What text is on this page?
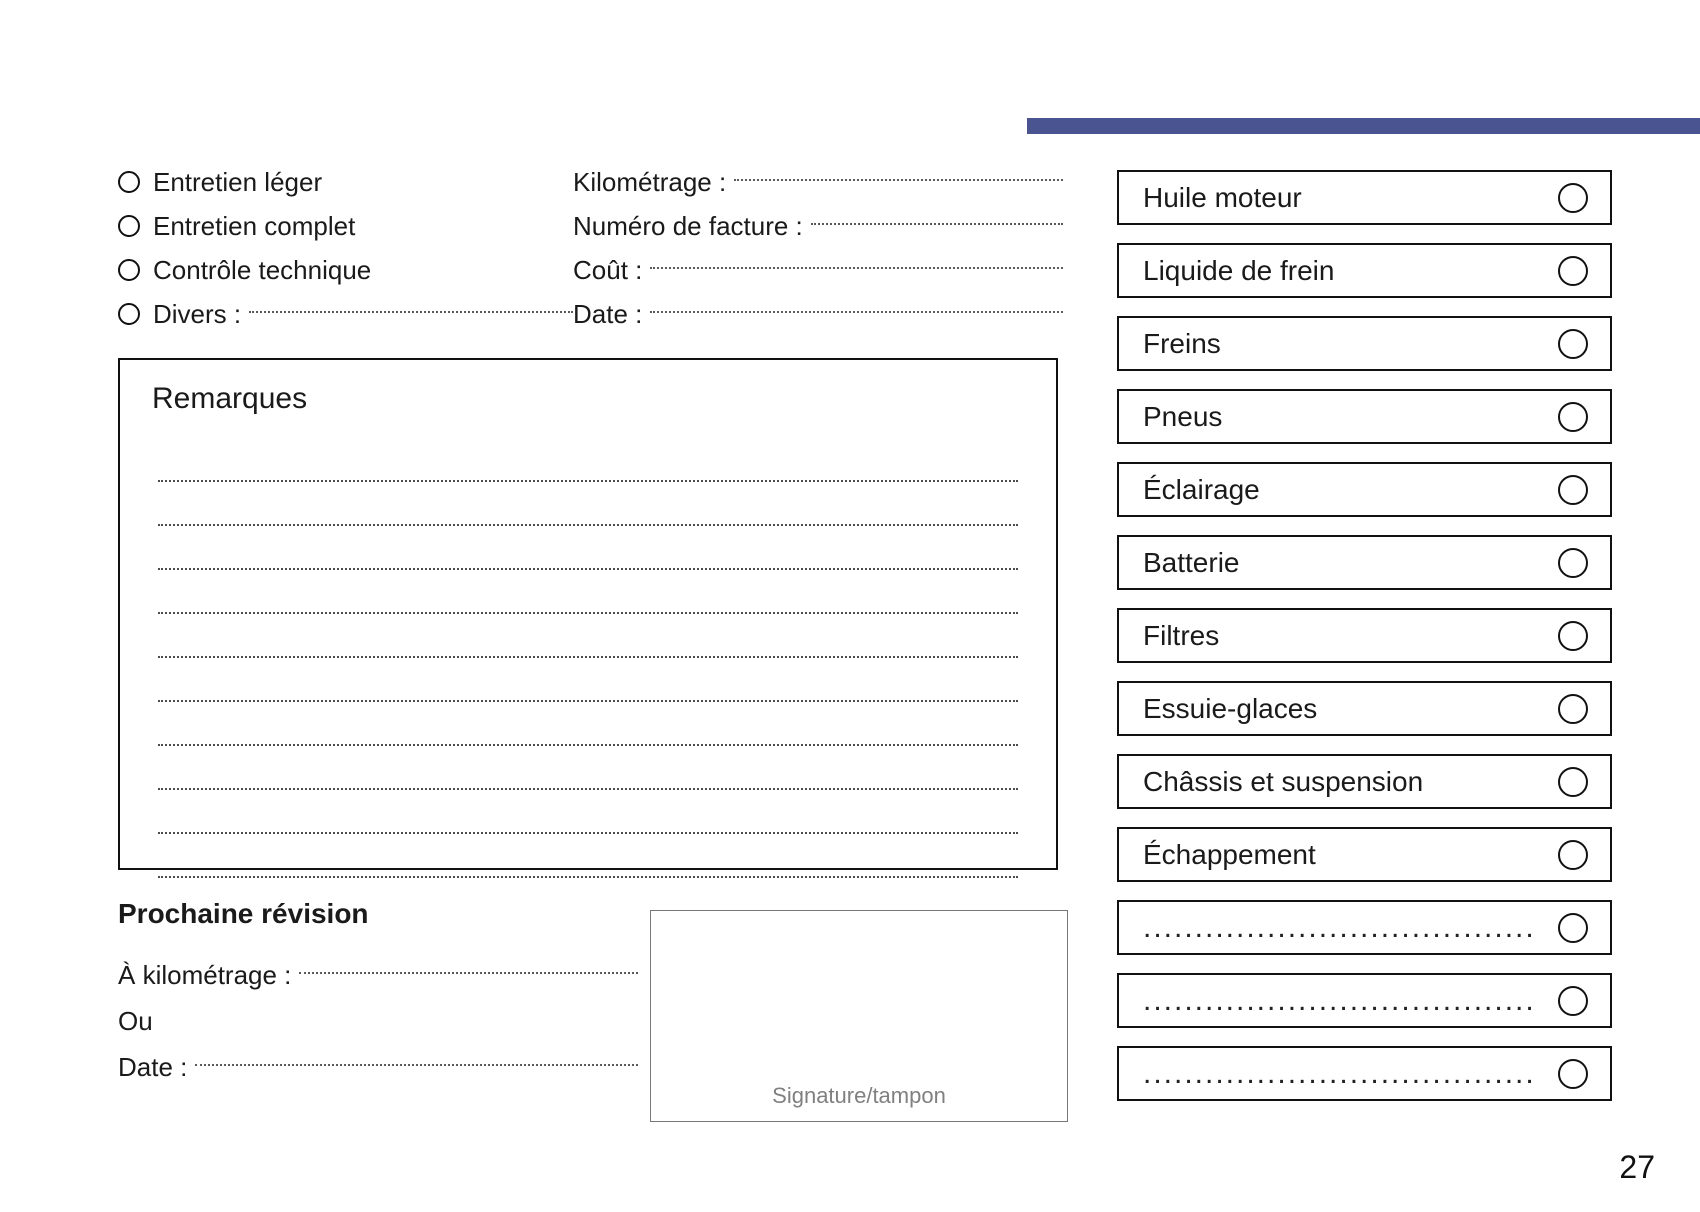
Entretien léger
Entretien complet
Contrôle technique
Divers :
Kilométrage :
Numéro de facture :
Coût :
Date :
Remarques
Prochaine révision
À kilométrage :
Ou
Date :
Signature/tampon
Huile moteur
Liquide de frein
Freins
Pneus
Éclairage
Batterie
Filtres
Essuie-glaces
Châssis et suspension
Échappement
......................................
......................................
......................................
27
